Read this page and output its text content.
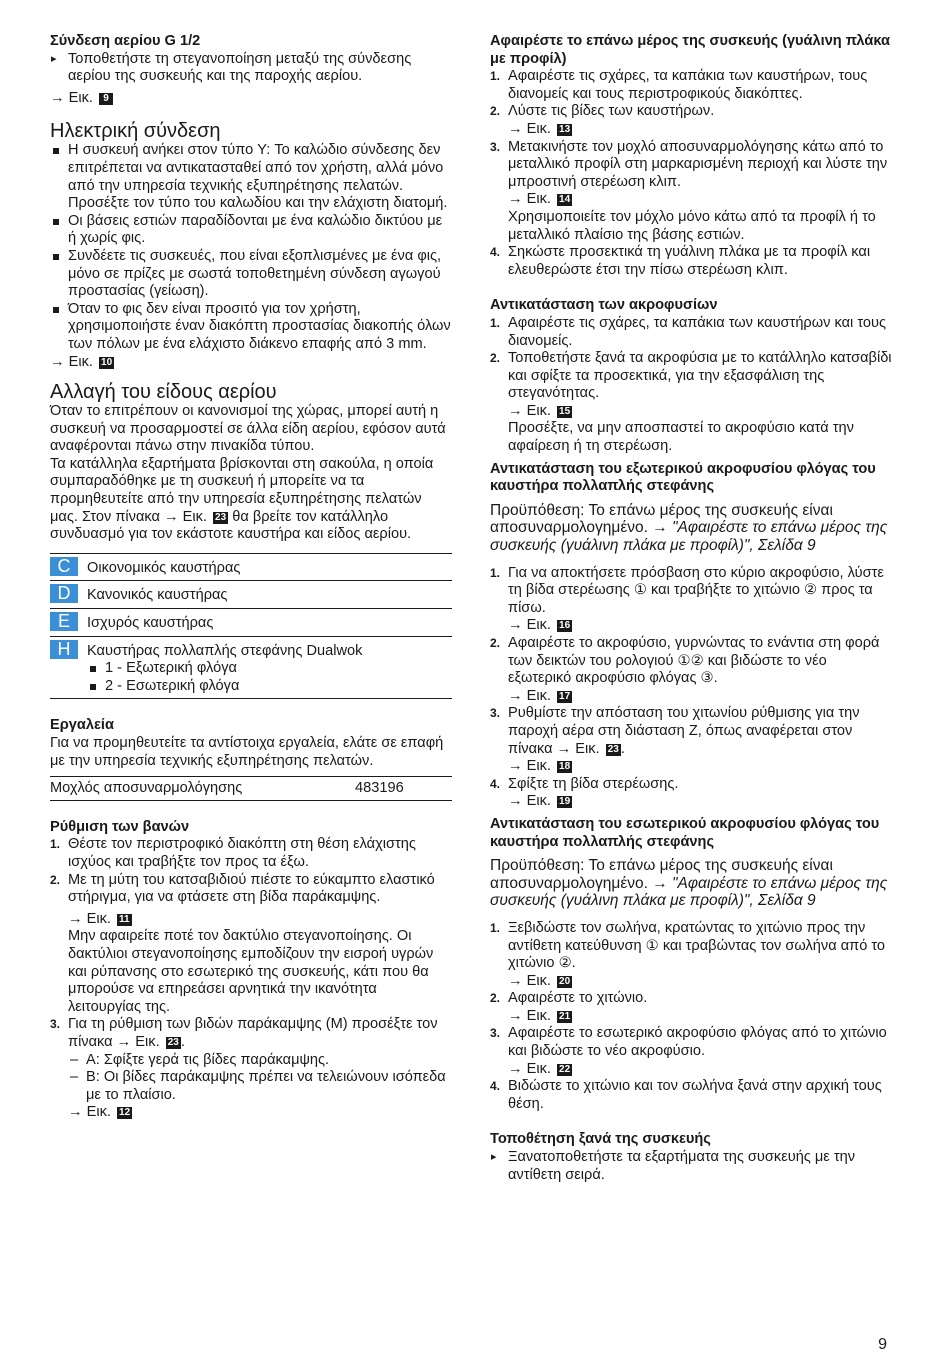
Σύνδεση αερίου G 1/2
▸ Τοποθετήστε τη στεγανοποίηση μεταξύ της σύνδεσης αερίου της συσκευής και της παροχής αερίου.

→ Εικ. 9

Ηλεκτρική σύνδεση
Η συσκευή ανήκει στον τύπο Y: Το καλώδιο σύνδεσης δεν επιτρέπεται να αντικατασταθεί από τον χρήστη, αλλά μόνο από την υπηρεσία τεχνικής εξυπηρέτησης πελατών. Προσέξτε τον τύπο του καλωδίου και την ελάχιστη διατομή.
Οι βάσεις εστιών παραδίδονται με ένα καλώδιο δικτύου με ή χωρίς φις.
Συνδέετε τις συσκευές, που είναι εξοπλισμένες με ένα φις, μόνο σε πρίζες με σωστά τοποθετημένη σύνδεση αγωγού προστασίας (γείωση).
Όταν το φις δεν είναι προσιτό για τον χρήστη, χρησιμοποιήστε έναν διακόπτη προστασίας διακοπής όλων των πόλων με ένα ελάχιστο διάκενο επαφής από 3 mm.

→ Εικ. 10

Αλλαγή του είδους αερίου

Όταν το επιτρέπουν οι κανονισμοί της χώρας, μπορεί αυτή η συσκευή να προσαρμοστεί σε άλλα είδη αερίου, εφόσον αυτά αναφέρονται πάνω στην πινακίδα τύπου.

Τα κατάλληλα εξαρτήματα βρίσκονται στη σακούλα, η οποία συμπαραδόθηκε με τη συσκευή ή μπορείτε να τα προμηθευτείτε από την υπηρεσία εξυπηρέτησης πελατών μας. Στον πίνακα → Εικ. 23 θα βρείτε τον κατάλληλο συνδυασμό για τον εκάστοτε καυστήρα και είδος αερίου.

C Οικονομικός καυστήρας
D Κανονικός καυστήρας
E Ισχυρός καυστήρας
H Καυστήρας πολλαπλής στεφάνης Dualwok
1 - Εξωτερική φλόγα
2 - Εσωτερική φλόγα
Εργαλεία

Για να προμηθευτείτε τα αντίστοιχα εργαλεία, ελάτε σε επαφή με την υπηρεσία τεχνικής εξυπηρέτησης πελατών.

Μοχλός αποσυναρμολόγησης	483196
Ρύθμιση των βανών
1. Θέστε τον περιστροφικό διακόπτη στη θέση ελάχιστης ισχύος και τραβήξτε τον προς τα έξω.
2. Με τη μύτη του κατσαβιδιού πιέστε το εύκαμπτο ελαστικό στήριγμα, για να φτάσετε στη βίδα παράκαμψης.

→ Εικ. 11

Μην αφαιρείτε ποτέ τον δακτύλιο στεγανοποίησης. Οι δακτύλιοι στεγανοποίησης εμποδίζουν την εισροή υγρών και ρύπανσης στο εσωτερικό της συσκευής, κάτι που θα μπορούσε να επηρεάσει αρνητικά την ικανότητα λειτουργίας της.

3. Για τη ρύθμιση των βιδών παράκαμψης (M) προσέξτε τον πίνακα → Εικ. 23 .
– A: Σφίξτε γερά τις βίδες παράκαμψης.
– B: Οι βίδες παράκαμψης πρέπει να τελειώνουν ισόπεδα με το πλαίσιο.

→ Εικ. 12

Αφαιρέστε το επάνω μέρος της συσκευής (γυάλινη πλάκα με προφίλ)
1. Αφαιρέστε τις σχάρες, τα καπάκια των καυστήρων, τους διανομείς και τους περιστροφικούς διακόπτες.
2. Λύστε τις βίδες των καυστήρων.

→ Εικ. 13

3. Μετακινήστε τον μοχλό αποσυναρμολόγησης κάτω από το μεταλλικό προφίλ στη μαρκαρισμένη περιοχή και λύστε την μπροστινή στερέωση κλιπ.

→ Εικ. 14

Χρησιμοποιείτε τον μόχλο μόνο κάτω από τα προφίλ ή το μεταλλικό πλαίσιο της βάσης εστιών.

4. Σηκώστε προσεκτικά τη γυάλινη πλάκα με τα προφίλ και ελευθερώστε έτσι την πίσω στερέωση κλιπ.
Αντικατάσταση των ακροφυσίων
1. Αφαιρέστε τις σχάρες, τα καπάκια των καυστήρων και τους διανομείς.
2. Τοποθετήστε ξανά τα ακροφύσια με το κατάλληλο κατσαβίδι και σφίξτε τα προσεκτικά, για την εξασφάλιση της στεγανότητας.

→ Εικ. 15

Προσέξτε, να μην αποσπαστεί το ακροφύσιο κατά την αφαίρεση ή τη στερέωση.

Αντικατάσταση του εξωτερικού ακροφυσίου φλόγας του καυστήρα πολλαπλής στεφάνης

Προϋπόθεση: Το επάνω μέρος της συσκευής είναι αποσυναρμολογημένο. → "Αφαιρέστε το επάνω μέρος της συσκευής (γυάλινη πλάκα με προφίλ)", Σελίδα 9

1. Για να αποκτήσετε πρόσβαση στο κύριο ακροφύσιο, λύστε τη βίδα στερέωσης ① και τραβήξτε το χιτώνιο ② προς τα πίσω.

→ Εικ. 16

2. Αφαιρέστε το ακροφύσιο, γυρνώντας το ενάντια στη φορά των δεικτών του ρολογιού ①② και βιδώστε το νέο εξωτερικό ακροφύσιο φλόγας ③.

→ Εικ. 17

3. Ρυθμίστε την απόσταση του χιτωνίου ρύθμισης για την παροχή αέρα στη διάσταση Z, όπως αναφέρεται στον πίνακα → Εικ. 23 .

→ Εικ. 18

4. Σφίξτε τη βίδα στερέωσης.

→ Εικ. 19

Αντικατάσταση του εσωτερικού ακροφυσίου φλόγας του καυστήρα πολλαπλής στεφάνης

Προϋπόθεση: Το επάνω μέρος της συσκευής είναι αποσυναρμολογημένο. → "Αφαιρέστε το επάνω μέρος της συσκευής (γυάλινη πλάκα με προφίλ)", Σελίδα 9

1. Ξεβιδώστε τον σωλήνα, κρατώντας το χιτώνιο προς την αντίθετη κατεύθυνση ① και τραβώντας τον σωλήνα από το χιτώνιο ②.

→ Εικ. 20

2. Αφαιρέστε το χιτώνιο.

→ Εικ. 21

3. Αφαιρέστε το εσωτερικό ακροφύσιο φλόγας από το χιτώνιο και βιδώστε το νέο ακροφύσιο.

→ Εικ. 22

4. Βιδώστε το χιτώνιο και τον σωλήνα ξανά στην αρχική τους θέση.
Τοποθέτηση ξανά της συσκευής
▸ Ξανατοποθετήστε τα εξαρτήματα της συσκευής με την αντίθετη σειρά.
9
